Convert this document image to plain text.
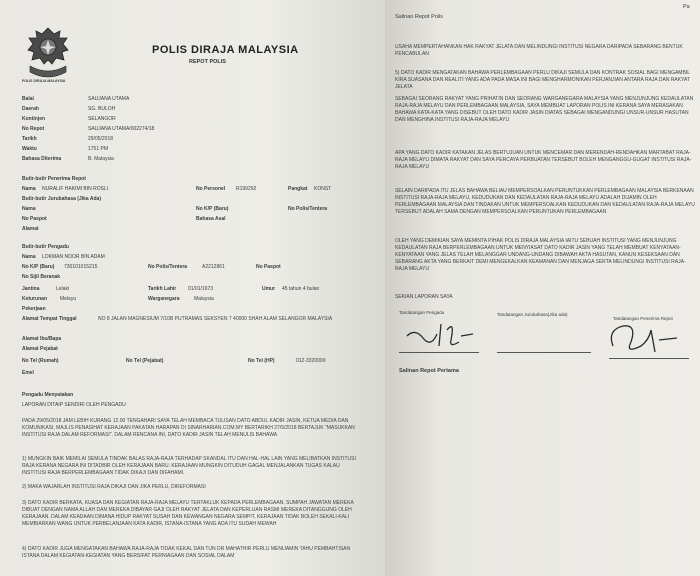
POLIS DIRAJA MALAYSIA
POLIS DIRAJA MALAYSIA
REPOT POLIS
Balai	SAUJANA UTAMA
Daerah	SG. BULOH
Kontinjen	SELANGOR
No Repot	SAUJANA UTAMA/002274/18
Tarikh	29/05/2018
Waktu	1751 PM
Bahasa Diterima	B. Malaysia
Butir-butir Penerima Repot
Nama NURALIF HAKIMI BIN ROSLI	No Personel R199292	Pangkat KONST
Butir-butir Jurubahasa (Jika Ada)
Nama	No K/P (Baru)	No Polis/Tentera
No Paspot	Bahasa Asal
Alamat
Butir-butir Pengadu
Nama LOKMAN NOOR BIN ADAM
No K/P (Baru) 730101015215	No Polis/Tentera	A2212861	No Paspot
No Sijil Beranak
Jantina	Lelaki	Tarikh Lahir 01/01/1973	Umur 45 tahun 4 bulan
Keturunan	Melayu	Warganegara	Malaysia
Pekerjaan
Alamat Tempat Tinggal	NO 8 JALAN MAGNESIUM 7/10B PUTRAMAS SEKSYEN 7 40000 SHAH ALAM SELANGOR MALAYSIA
Alamat Ibu/Bapa
Alamat Pejabat
No Tel (Rumah)	No Tel (Pejabat)	No Tel (HP)	012-3320000
Emel
Pengadu Menyatakan
LAPORAN DITAIP SENDIRI OLEH PENGADU
PADA 29/05/2018 JAM LEBIH KURANG 12.00 TENGAHARI SAYA TELAH MEMBACA TULISAN DATO ABDUL KADIR JASIN, KETUA MEDIA DAN KOMUNIKASI, MAJLIS PENASIHAT KERAJAAN PAKATAN HARAPAN DI SINARHARIAN.COM.MY BERTARIKH 27/5/2018 BERTAJUK "MASUKKAN INSTITUSI RAJA DALAM REFORMASI". DALAM RENCANA INI, DATO KADIR JASIN TELAH MENULIS BAHAWA
1) MUNGKIN BAIK MEMILAI SEMULA TINDAK BALAS RAJA-RAJA TERHADAP SKANDAL ITU DAN HAL-HAL LAIN YANG MELIBATKAN INSTITUSI RAJA KERANA NEGARA INI DITADBIR OLEH KERAJAAN BARU. KERAJAAN MUNGKIN DITUDUH GAGAL MENJALANKAN TUGAS KALAU INSTITUSI RAJA BERPERLEMBAGAAN TIDAK DIKAJI DAN DIFAHAMI.
2) MAKA WAJARLAH INSTITUSI RAJA DIKAJI DAN JIKA PERLU, DIREFORMASI
3) DATO KADIR BERKATA, KUASA DAN KEGIATAN RAJA-RAJA MELAYU TERTAKLUK KEPADA PERLEMBAGAAN. SUMPAH JAWATAN MEREKA DIBUAT DENGAN NAMA ALLAH DAN MEREKA DIBAYAR GAJI OLEH RAKYAT JELATA DAN KEPERLUAN RASMI MEREKA DITANGGUNG OLEH KERAJAAN. DALAM KEADAAN DIMANA HIDUP RAKYAT SUSAH DAN KEWANGAN NEGARA SEMPIT, KERAJAAN TIDAK BOLEH SEKALI-KALI MEMBIARKAN WANG UNTUK PERBELANJAAN KATA KADIR, ISTANA-ISTANA YANG ADA ITU SUDAH MEWAH
4) DATO KADIR JUGA MENGATAKAN BAHAWA RAJA-RAJA TIDAK KEKAL DAN TUN DR MAHATHIR PERLU MENIJAMIN TAHU PEMBAHTISAN ISTANA DALAM KEGIATAN-KEGIATAN YANG BERSIFAT PERNIAGAAN DAN SOSIAL DALAM
Salinan Repot Polis
Pa
USAHA MEMPERTAHANKAN HAK RAKYAT JELATA DAN MELINDUNGI INSTITUSI NEGARA DARIPADA SEBARANG BENTUK PENCABULAN
5) DATO KADIR MENGATAKAN BAHAWA PERLEMBAGAAN PERLU DIKAJI SEMULA DAN KONTRAK SOSIAL BAGI MENGAMBIL KIRA SUASANA DAN REALITI YANG ADA PADA MASA INI BAGI MENGHARMONIKAN PERJANJIAN ANTARA RAJA DAN RAKYAT JELATA
SEBAGAI SEORANG RAKYAT YANG PRIHATIN DAN SEORANG WARGANEGARA MALAYSIA YANG MENJUNJUNG KEDAULATAN RAJA-RAJA MELAYU DAN PERLEMBAGAAN MALAYSIA, SAYA MEMBUAT LAPORAN POLIS INI KERANA SAYA MERASAKAN BAHAWA KATA-KATA YANG DISEBUT OLEH DATO KADIR JASIN DIATAS SEBAGAI MENGANDUNGI UNSUR-UNSUR HASUTAN DAN MENGHINA INSTITUSI RAJA-RAJA MELAYU
APA YANG DATO KADIR KATAKAN JELAS BERTUJUAN UNTUK MENCEMAR DAN MERENDAH-RENDAHKAN MARTABAT RAJA-RAJA MELAYU DIMATA RAKYAT DAN SAYA PERCAYA PERBUATAN TERSEBUT BOLEH MENGANGGU-GUGAT INSTITUSI RAJA-RAJA MELAYU
SELAIN DARIPADA ITU JELAS BAHAWA BELIAU MEMPERSOALKAN PERUNTUKKAN PERLEMBAGAAN MALAYSIA BERKENAAN INSTITUSI RAJA-RAJA MELAYU, KEDUDUKAN DAN KEDAULATAN RAJA-RAJA MELAYU ADALAH DIJAMIN OLEH PERLEMBAGAAN MALAYSIA DAN TINDAKAN UNTUK MEMPERSOALKAN KEDUDUKAN DAN KEDAULATAN RAJA-RAJA MELAYU TERSEBUT ADALAH SAMA DENGAN MEMPERSOALKAN PERUNTUKAN PERLEMBAGAAN
OLEH YANG DEMIKIAN SAYA MEMINTA PIHAK POLIS DIRAJA MALAYSIA IAITU SEBUAH INSTITUSI YANG MENJUNJUNG KEDAULATAN RAJA BERPERLEMBAGAAN UNTUK MENYIASAT DATO KADIR JASIN YANG TELAH MEMBUAT KENYATAAN-KENYATAAN YANG JELAS TELAH MELANGGAR UNDANG-UNDANG DIBAWAH AKTA HASUTAN, KANUN KESEKSAAN DAN SEBARANG AKTA YANG BERKAIT DEMI MENGEKALKAN KEAMANAN DAN MENJAGA SERTA MELINDUNGI INSTITUSI RAJA-RAJA MELAYU
SEKIAN LAPORAN SAYA
Tandatangan Pengadu	Tandatangan Jurubahasa(Jika ada)
Tandatangan Penerima Repot
Salinan Repot Pertama
